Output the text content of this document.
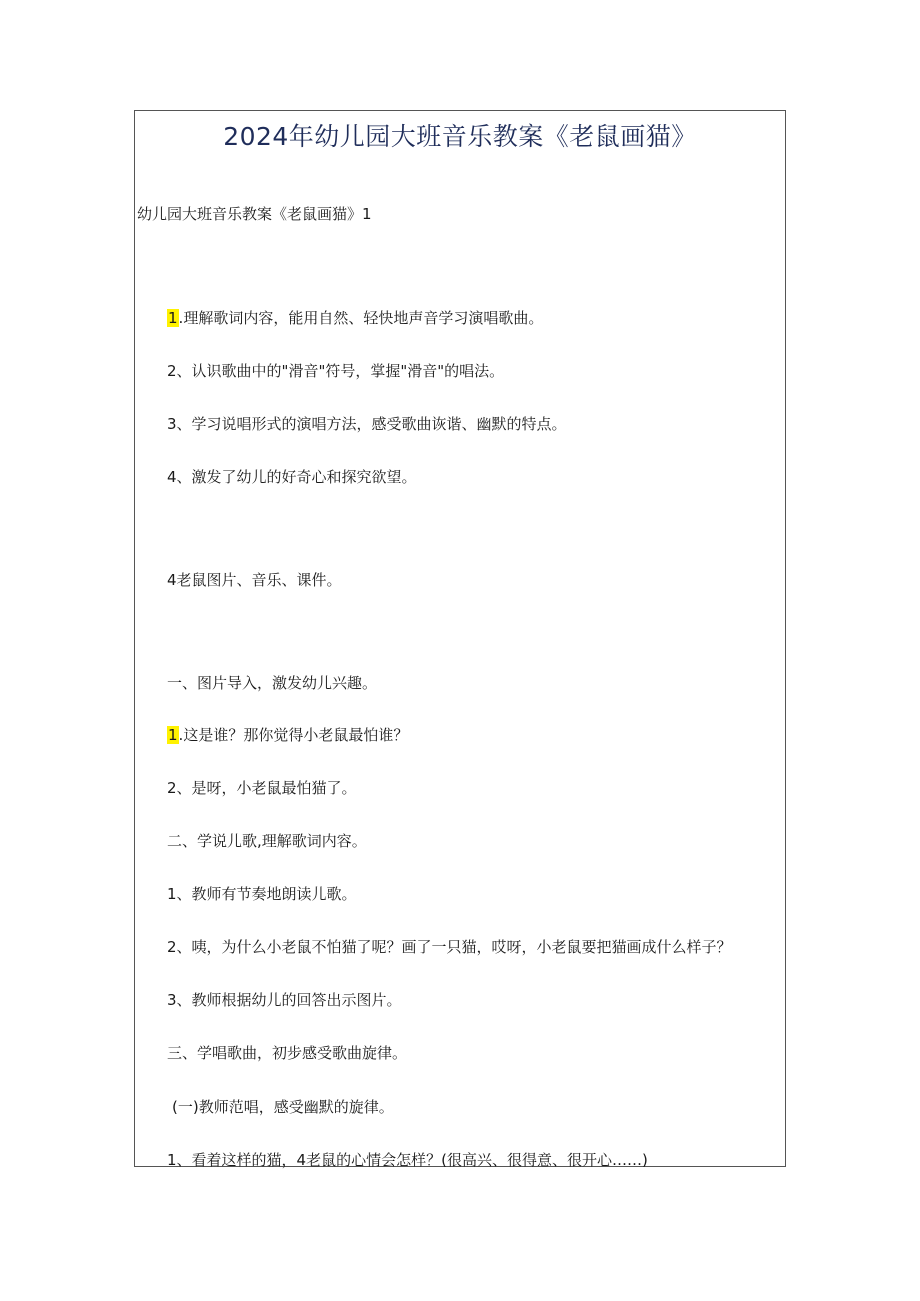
2024年幼儿园大班音乐教案《老鼠画猫》

幼儿园大班音乐教案《老鼠画猫》1

1.理解歌词内容，能用自然、轻快地声音学习演唱歌曲。

2、认识歌曲中的"滑音"符号，掌握"滑音"的唱法。

3、学习说唱形式的演唱方法，感受歌曲诙谐、幽默的特点。

4、激发了幼儿的好奇心和探究欲望。

4老鼠图片、音乐、课件。

一、图片导入，激发幼儿兴趣。

1.这是谁？那你觉得小老鼠最怕谁？

2、是呀，小老鼠最怕猫了。

二、学说儿歌,理解歌词内容。

1、教师有节奏地朗读儿歌。

2、咦，为什么小老鼠不怕猫了呢？画了一只猫，哎呀，小老鼠要把猫画成什么样子？

3、教师根据幼儿的回答出示图片。

三、学唱歌曲，初步感受歌曲旋律。

(一)教师范唱，感受幽默的旋律。

1、看着这样的猫，4老鼠的心情会怎样？(很高兴、很得意、很开心……)
